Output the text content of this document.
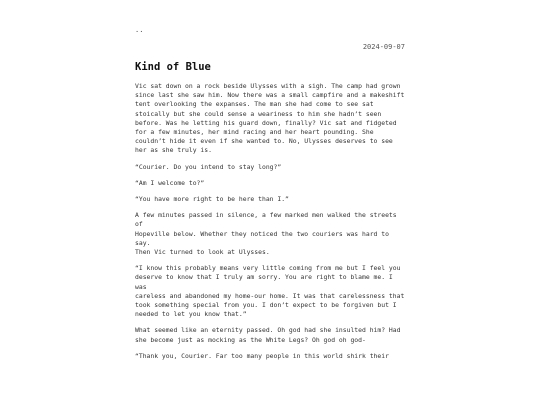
..
2024-09-07
Kind of Blue

Vic sat down on a rock beside Ulysses with a sigh. The camp had grown since last she saw him. Now there was a small campfire and a makeshift tent overlooking the expanses. The man she had come to see sat stoically but she could sense a weariness to him she hadn’t seen before. Was he letting his guard down, finally? Vic sat and fidgeted for a few minutes, her mind racing and her heart pounding. She couldn’t hide it even if she wanted to. No, Ulysses deserves to see her as she truly is.

“Courier. Do you intend to stay long?”

“Am I welcome to?”

“You have more right to be here than I.”

A few minutes passed in silence, a few marked men walked the streets of
Hopeville below. Whether they noticed the two couriers was hard to say.
Then Vic turned to look at Ulysses.

“I know this probably means very little coming from me but I feel you
deserve to know that I truly am sorry. You are right to blame me. I was
careless and abandoned my home-our home. It was that carelessness that
took something special from you. I don’t expect to be forgiven but I
needed to let you know that.”

What seemed like an eternity passed. Oh god had she insulted him? Had
she become just as mocking as the White Legs? Oh god oh god-

“Thank you, Courier. Far too many people in this world shirk their
